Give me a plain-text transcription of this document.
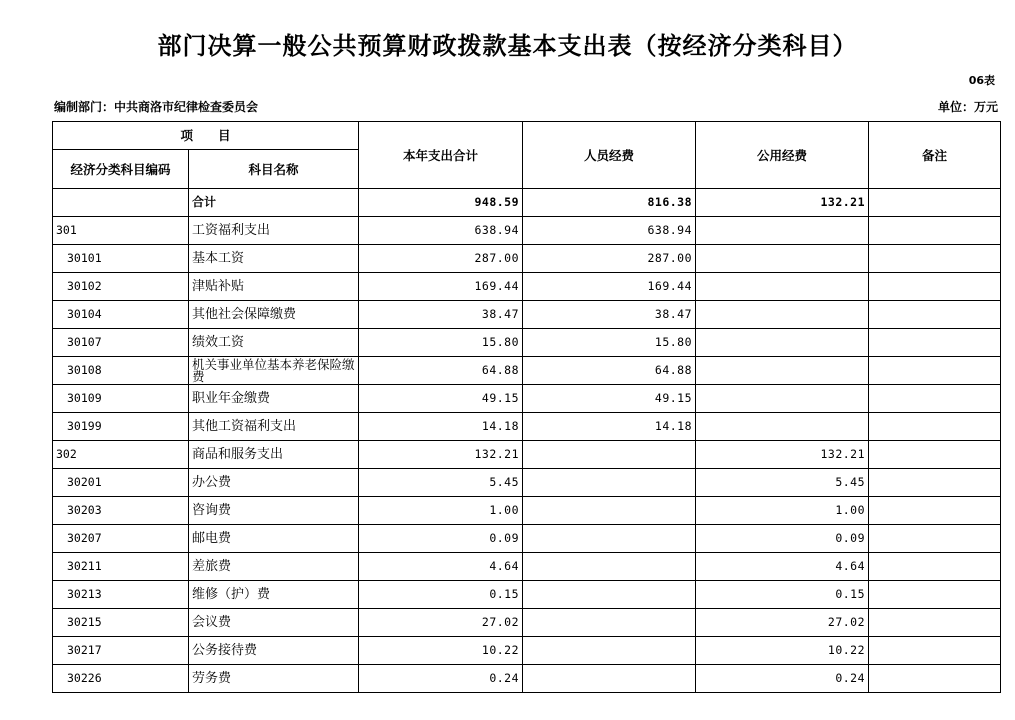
部门决算一般公共预算财政拨款基本支出表（按经济分类科目）
06表
编制部门：中共商洛市纪律检查委员会	单位：万元
项　　目		本年支出合计	人员经费	公用经费	备注
经济分类科目编码	科目名称				
	合计	948.59	816.38	132.21	
301	工资福利支出	638.94	638.94		
30101	基本工资	287.00	287.00		
30102	津贴补贴	169.44	169.44		
30104	其他社会保障缴费	38.47	38.47		
30107	绩效工资	15.80	15.80		
30108	机关事业单位基本养老保险缴费	64.88	64.88		
30109	职业年金缴费	49.15	49.15		
30199	其他工资福利支出	14.18	14.18		
302	商品和服务支出	132.21		132.21	
30201	办公费	5.45		5.45	
30203	咨询费	1.00		1.00	
30207	邮电费	0.09		0.09	
30211	差旅费	4.64		4.64	
30213	维修（护）费	0.15		0.15	
30215	会议费	27.02		27.02	
30217	公务接待费	10.22		10.22	
30226	劳务费	0.24		0.24	
